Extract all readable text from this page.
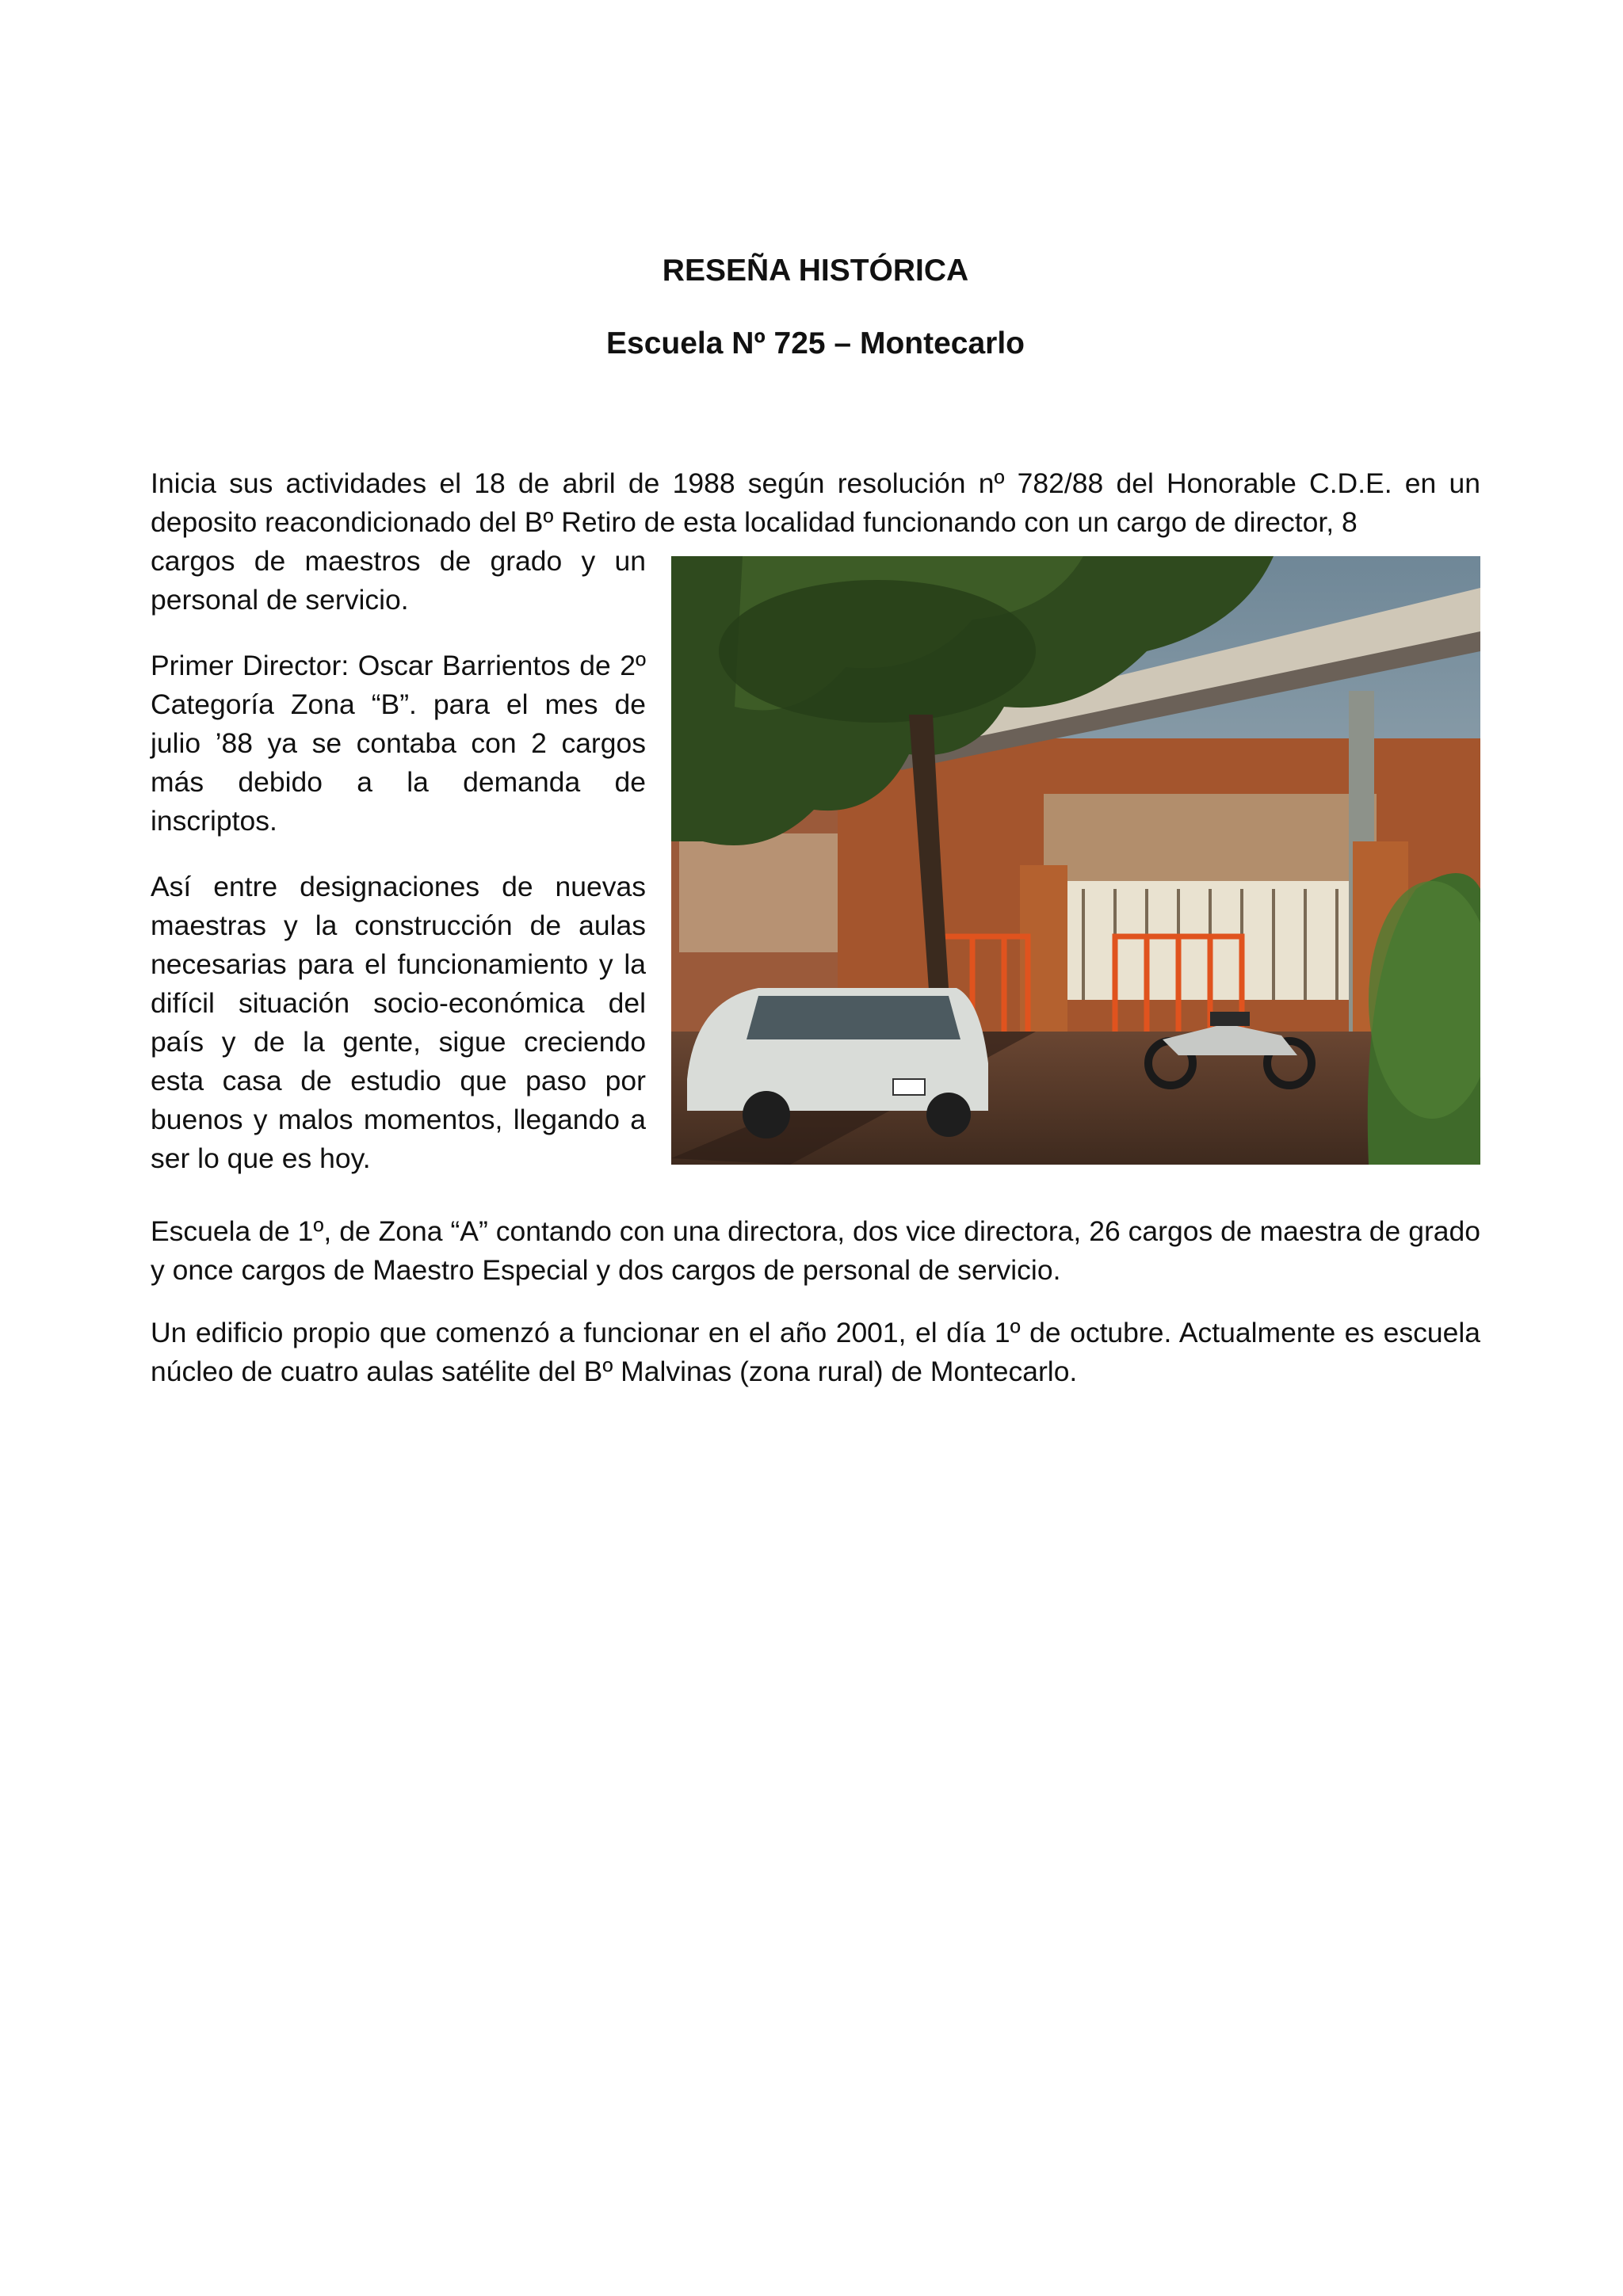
RESEÑA HISTÓRICA
Escuela Nº 725 – Montecarlo

Inicia sus actividades el 18 de abril de 1988 según resolución nº 782/88 del Honorable C.D.E. en un deposito reacondicionado del Bº Retiro de esta localidad funcionando con un cargo de director, 8

cargos de maestros de grado y un personal de servicio.

Primer Director: Oscar Barrientos de 2º Categoría Zona “B”. para el mes de julio ’88 ya se contaba con 2 cargos más debido a la demanda de inscriptos.

Así entre designaciones de nuevas maestras y la construcción de aulas necesarias para el funcionamiento y la difícil situación socio-económica del país y de la gente, sigue creciendo esta casa de estudio que paso por buenos y malos momentos, llegando a ser lo que es hoy.

Escuela de 1º, de Zona “A” contando con una directora, dos vice directora, 26 cargos de maestra de grado y once cargos de Maestro Especial y dos cargos de personal de servicio.

Un edificio propio que comenzó a funcionar en el año 2001, el día 1º de octubre. Actualmente es escuela núcleo de cuatro aulas satélite del Bº Malvinas (zona rural) de Montecarlo.
